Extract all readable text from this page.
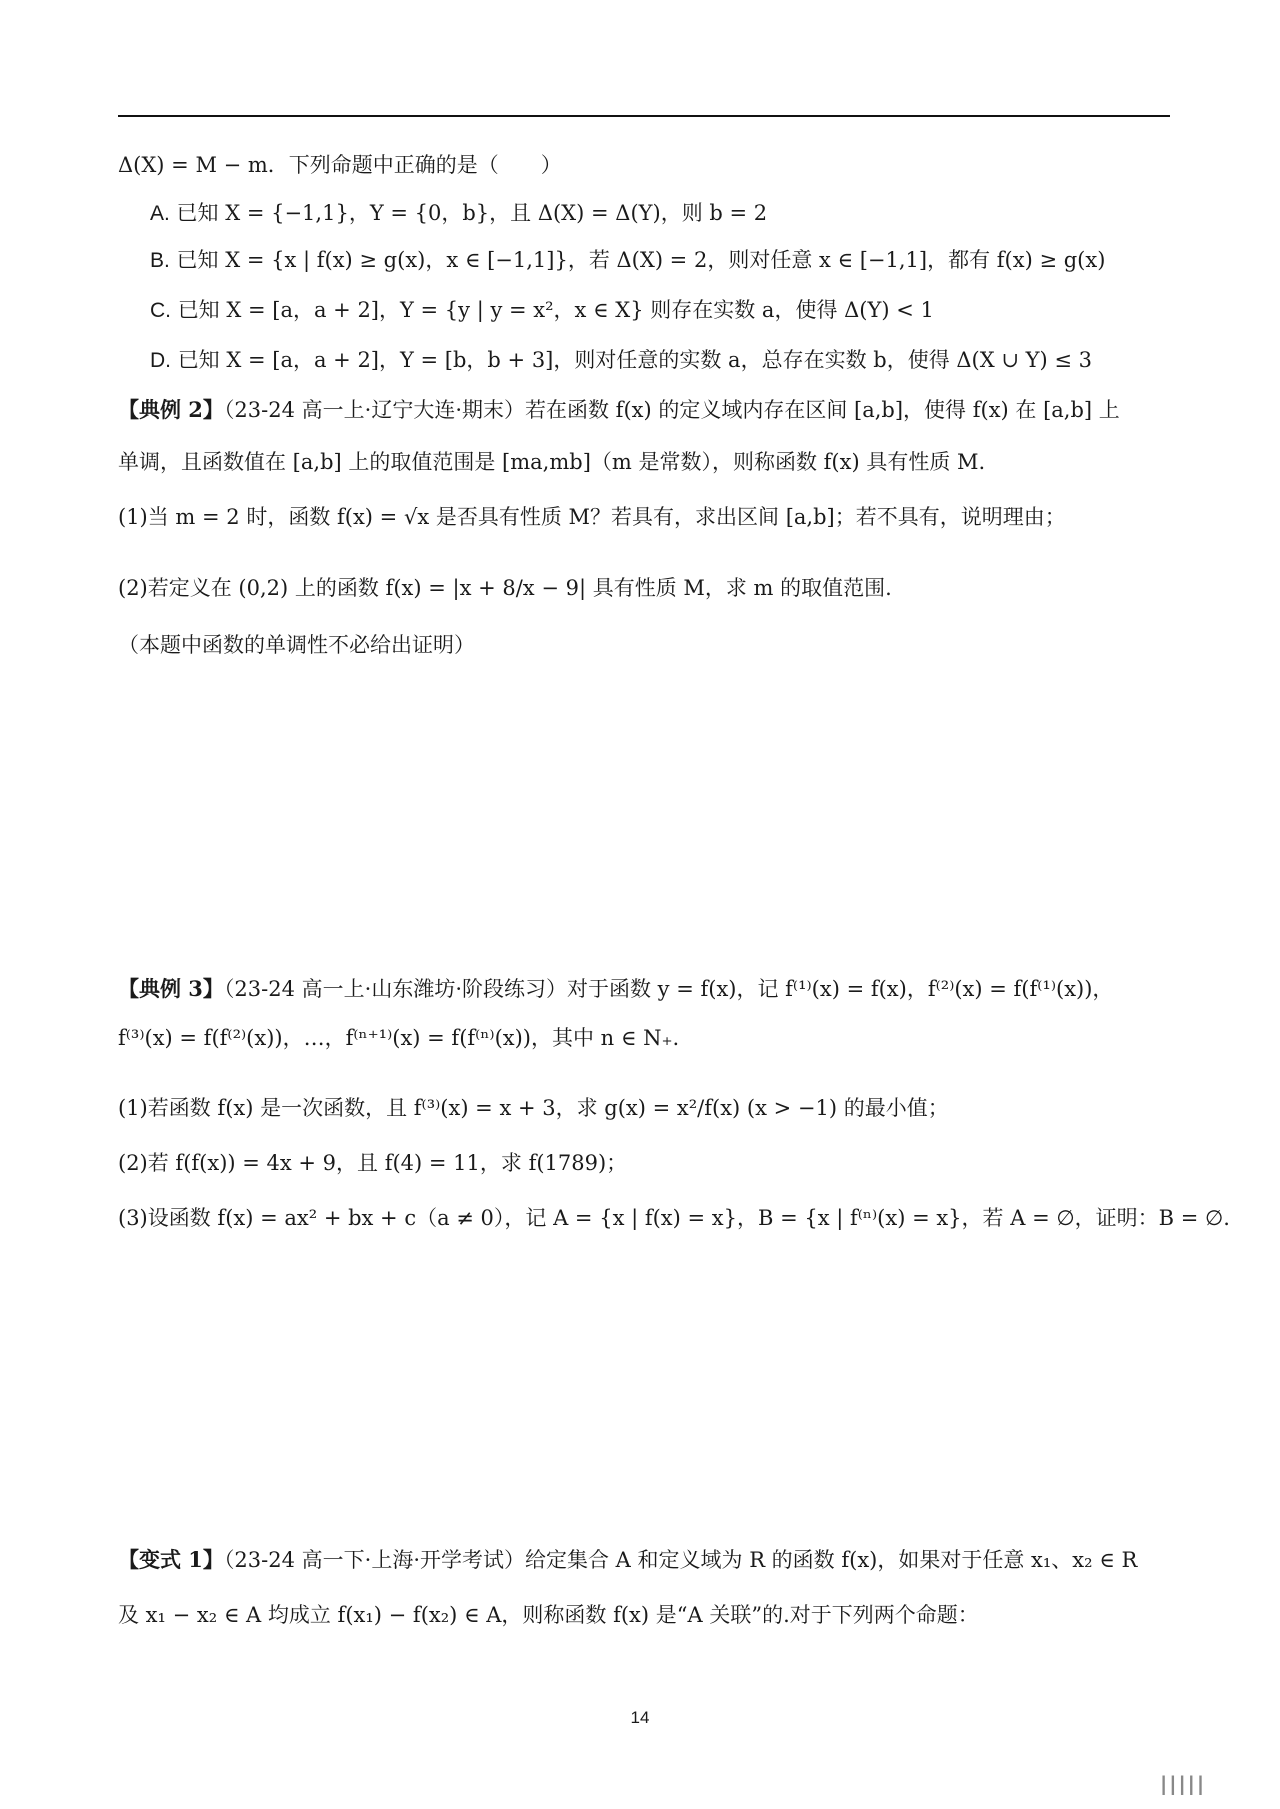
Δ(X) = M − m．下列命题中正确的是（　　）
A. 已知 X = {−1,1}，Y = {0，b}，且 Δ(X) = Δ(Y)，则 b = 2
B. 已知 X = {x | f(x) ≥ g(x)，x ∈ [−1,1]}，若 Δ(X) = 2，则对任意 x ∈ [−1,1]，都有 f(x) ≥ g(x)
C. 已知 X = [a，a + 2]，Y = {y | y = x²，x ∈ X} 则存在实数 a，使得 Δ(Y) < 1
D. 已知 X = [a，a + 2]，Y = [b，b + 3]，则对任意的实数 a，总存在实数 b，使得 Δ(X ∪ Y) ≤ 3
【典例 2】（23-24 高一上·辽宁大连·期末）若在函数 f(x) 的定义域内存在区间 [a,b]，使得 f(x) 在 [a,b] 上
单调，且函数值在 [a,b] 上的取值范围是 [ma,mb]（m 是常数），则称函数 f(x) 具有性质 M.
(1)当 m = 2 时，函数 f(x) = √x 是否具有性质 M？若具有，求出区间 [a,b]；若不具有，说明理由；
(2)若定义在 (0,2) 上的函数 f(x) = |x + 8/x − 9| 具有性质 M，求 m 的取值范围.
（本题中函数的单调性不必给出证明）
【典例 3】（23-24 高一上·山东潍坊·阶段练习）对于函数 y = f(x)，记 f⁽¹⁾(x) = f(x)，f⁽²⁾(x) = f(f⁽¹⁾(x))，
f⁽³⁾(x) = f(f⁽²⁾(x))，…，f⁽ⁿ⁺¹⁾(x) = f(f⁽ⁿ⁾(x))，其中 n ∈ N₊.
(1)若函数 f(x) 是一次函数，且 f⁽³⁾(x) = x + 3，求 g(x) = x²/f(x) (x > −1) 的最小值；
(2)若 f(f(x)) = 4x + 9，且 f(4) = 11，求 f(1789)；
(3)设函数 f(x) = ax² + bx + c（a ≠ 0），记 A = {x | f(x) = x}，B = {x | f⁽ⁿ⁾(x) = x}，若 A = ∅，证明：B = ∅.
【变式 1】（23-24 高一下·上海·开学考试）给定集合 A 和定义域为 R 的函数 f(x)，如果对于任意 x₁、x₂ ∈ R
及 x₁ − x₂ ∈ A 均成立 f(x₁) − f(x₂) ∈ A，则称函数 f(x) 是“A 关联”的.对于下列两个命题：
14
lllll
